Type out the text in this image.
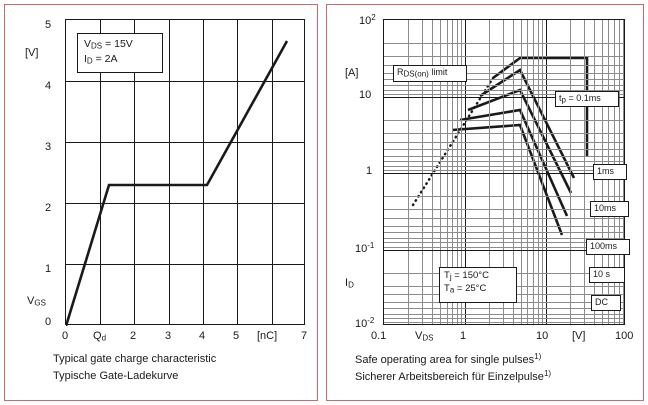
[V]
VGS
VDS = 15V
ID = 2A
5
4
3
2
1
0
0 Qd 2	3	4	5 [nC] 7
Typical gate charge characteristic
Typische Gate-Ladekurve
[A]
ID
RDS(on) limit
tp = 0.1ms
1ms
10ms
100ms
10 s
DC
Tj = 150°C
Ta = 25°C
$10^2$
10
1
$10^{-1}$
$10^{-2}$
0.1	VDS 1	10 [V]	100
Safe operating area for single pulses$^{1)}$
Sicherer Arbeitsbereich für Einzelpulse$^{1)}$
